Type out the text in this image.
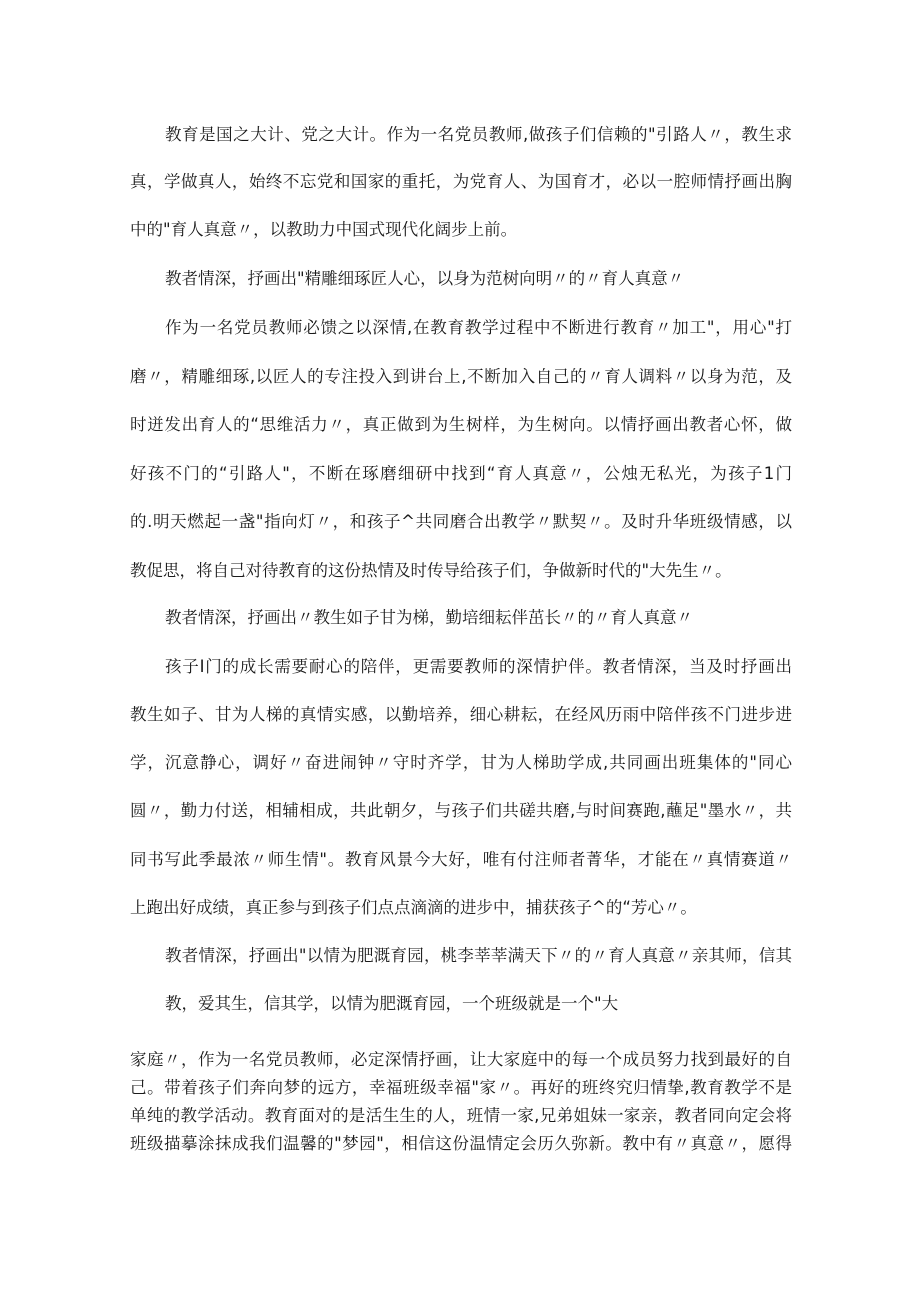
教育是国之大计、党之大计。作为一名党员教师,做孩子们信赖的"引路人〃，教生求
真，学做真人，始终不忘党和国家的重托，为党育人、为国育才，必以一腔师情抒画出胸
中的"育人真意〃，以教助力中国式现代化阔步上前。
教者情深，抒画出"精雕细琢匠人心，以身为范树向明〃的〃育人真意〃
作为一名党员教师必馈之以深情,在教育教学过程中不断进行教育〃加工"，用心"打
磨〃，精雕细琢,以匠人的专注投入到讲台上,不断加入自己的〃育人调料〃以身为范，及
时迸发出育人的“思维活力〃，真正做到为生树样，为生树向。以情抒画出教者心怀，做
好孩不门的“引路人"，不断在琢磨细研中找到“育人真意〃，公烛无私光，为孩子1门
的.明天燃起一盏"指向灯〃，和孩子^共同磨合出教学〃默契〃。及时升华班级情感，以
教促思，将自己对待教育的这份热情及时传导给孩子们，争做新时代的"大先生〃。
教者情深，抒画出〃教生如子甘为梯，勤培细耘伴茁长〃的〃育人真意〃
孩子I门的成长需要耐心的陪伴，更需要教师的深情护伴。教者情深，当及时抒画出
教生如子、甘为人梯的真情实感，以勤培养，细心耕耘，在经风历雨中陪伴孩不门进步进
学，沉意静心，调好〃奋进闹钟〃守时齐学，甘为人梯助学成,共同画出班集体的"同心
圆〃，勤力付送，相辅相成，共此朝夕，与孩子们共磋共磨,与时间赛跑,蘸足"墨水〃，共
同书写此季最浓〃师生情"。教育风景今大好，唯有付注师者菁华，才能在〃真情赛道〃
上跑出好成绩，真正参与到孩子们点点滴滴的进步中，捕获孩子^的“芳心〃。
教者情深，抒画出"以情为肥溉育园，桃李莘莘满天下〃的〃育人真意〃亲其师，信其
教，爱其生，信其学，以情为肥溉育园，一个班级就是一个"大
家庭〃，作为一名党员教师，必定深情抒画，让大家庭中的每一个成员努力找到最好的自
己。带着孩子们奔向梦的远方，幸福班级幸福"家〃。再好的班终究归情挚,教育教学不是
单纯的教学活动。教育面对的是活生生的人，班情一家,兄弟姐妹一家亲，教者同向定会将
班级描摹涂抹成我们温馨的"梦园"，相信这份温情定会历久弥新。教中有〃真意〃，愿得
